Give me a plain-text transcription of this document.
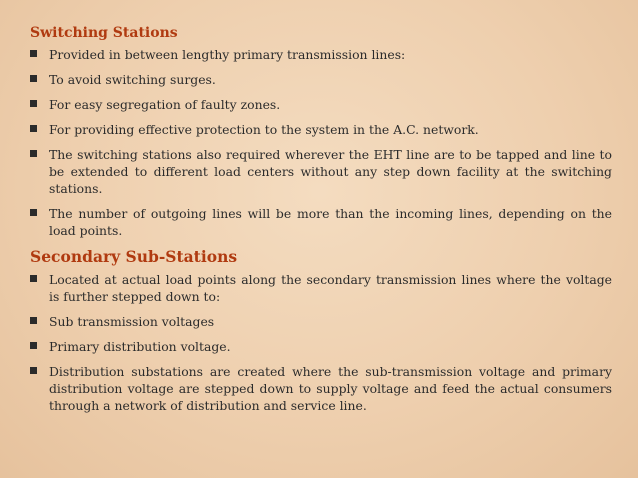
Switching Stations
Provided in between lengthy primary transmission lines:
To avoid switching surges.
For easy segregation of faulty zones.
For providing effective protection to the system in the A.C. network.
The switching stations also required wherever the EHT line are to be tapped and line to be extended to different load centers without any step down facility at the switching stations.
The number of outgoing lines will be more than the incoming lines, depending on the load points.
Secondary Sub-Stations
Located at actual load points along the secondary transmission lines where the voltage is further stepped down to:
Sub transmission voltages
Primary distribution voltage.
Distribution substations are created where the sub-transmission voltage and primary distribution voltage are stepped down to supply voltage and feed the actual consumers through a network of distribution and service line.
